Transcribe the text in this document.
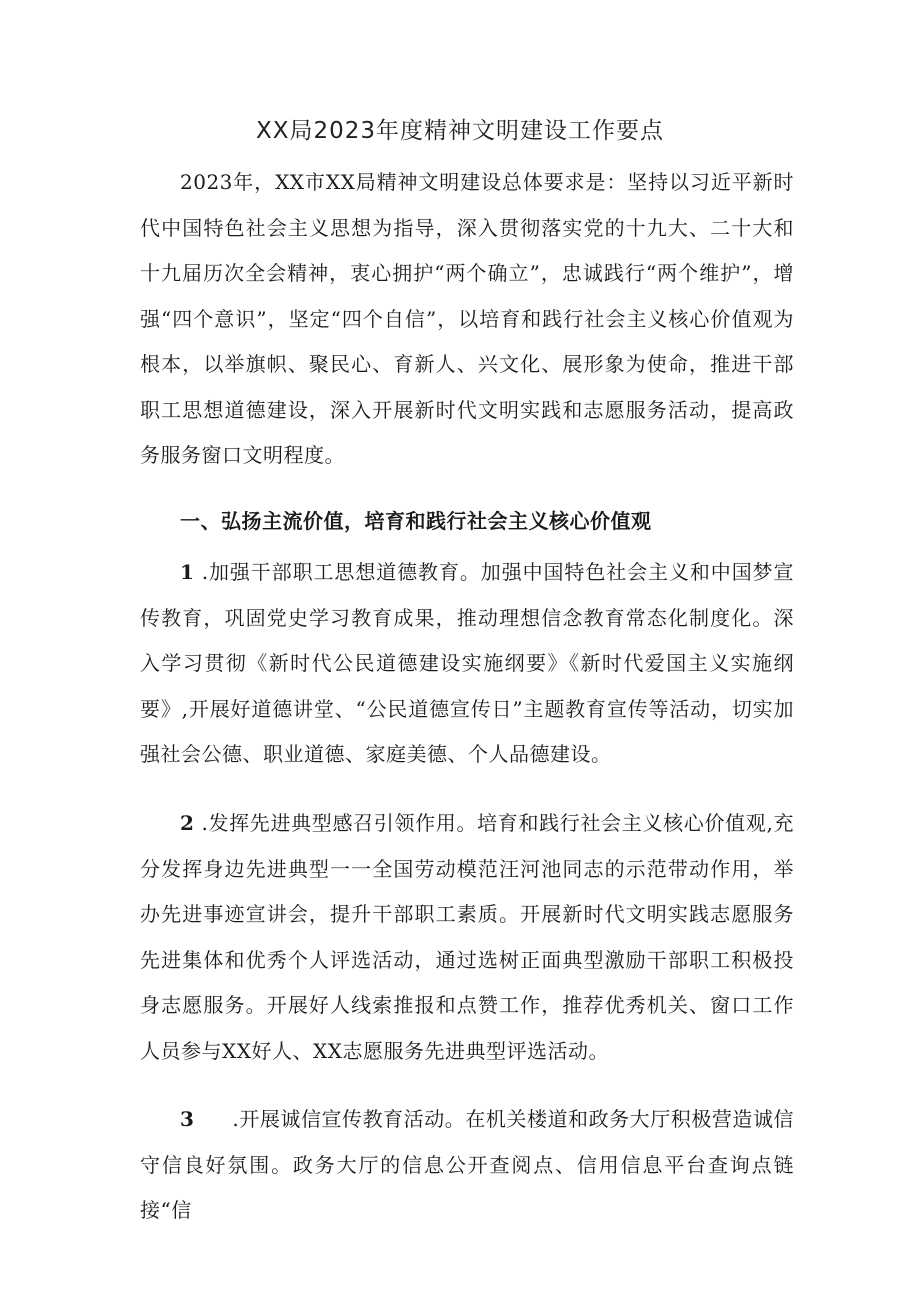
XX局2023年度精神文明建设工作要点

2023年，XX市XX局精神文明建设总体要求是：坚持以习近平新时代中国特色社会主义思想为指导，深入贯彻落实党的十九大、二十大和十九届历次全会精神，衷心拥护“两个确立”，忠诚践行“两个维护”，增强“四个意识”，坚定“四个自信”，以培育和践行社会主义核心价值观为根本，以举旗帜、聚民心、育新人、兴文化、展形象为使命，推进干部职工思想道德建设，深入开展新时代文明实践和志愿服务活动，提高政务服务窗口文明程度。

一、弘扬主流价值，培育和践行社会主义核心价值观

1 .加强干部职工思想道德教育。加强中国特色社会主义和中国梦宣传教育，巩固党史学习教育成果，推动理想信念教育常态化制度化。深入学习贯彻《新时代公民道德建设实施纲要》《新时代爱国主义实施纲要》,开展好道德讲堂、“公民道德宣传日”主题教育宣传等活动，切实加强社会公德、职业道德、家庭美德、个人品德建设。

2 .发挥先进典型感召引领作用。培育和践行社会主义核心价值观,充分发挥身边先进典型一一全国劳动模范汪河池同志的示范带动作用，举办先进事迹宣讲会，提升干部职工素质。开展新时代文明实践志愿服务先进集体和优秀个人评选活动，通过选树正面典型激励干部职工积极投身志愿服务。开展好人线索推报和点赞工作，推荐优秀机关、窗口工作人员参与XX好人、XX志愿服务先进典型评选活动。

3 .开展诚信宣传教育活动。在机关楼道和政务大厅积极营造诚信守信良好氛围。政务大厅的信息公开查阅点、信用信息平台查询点链接“信
